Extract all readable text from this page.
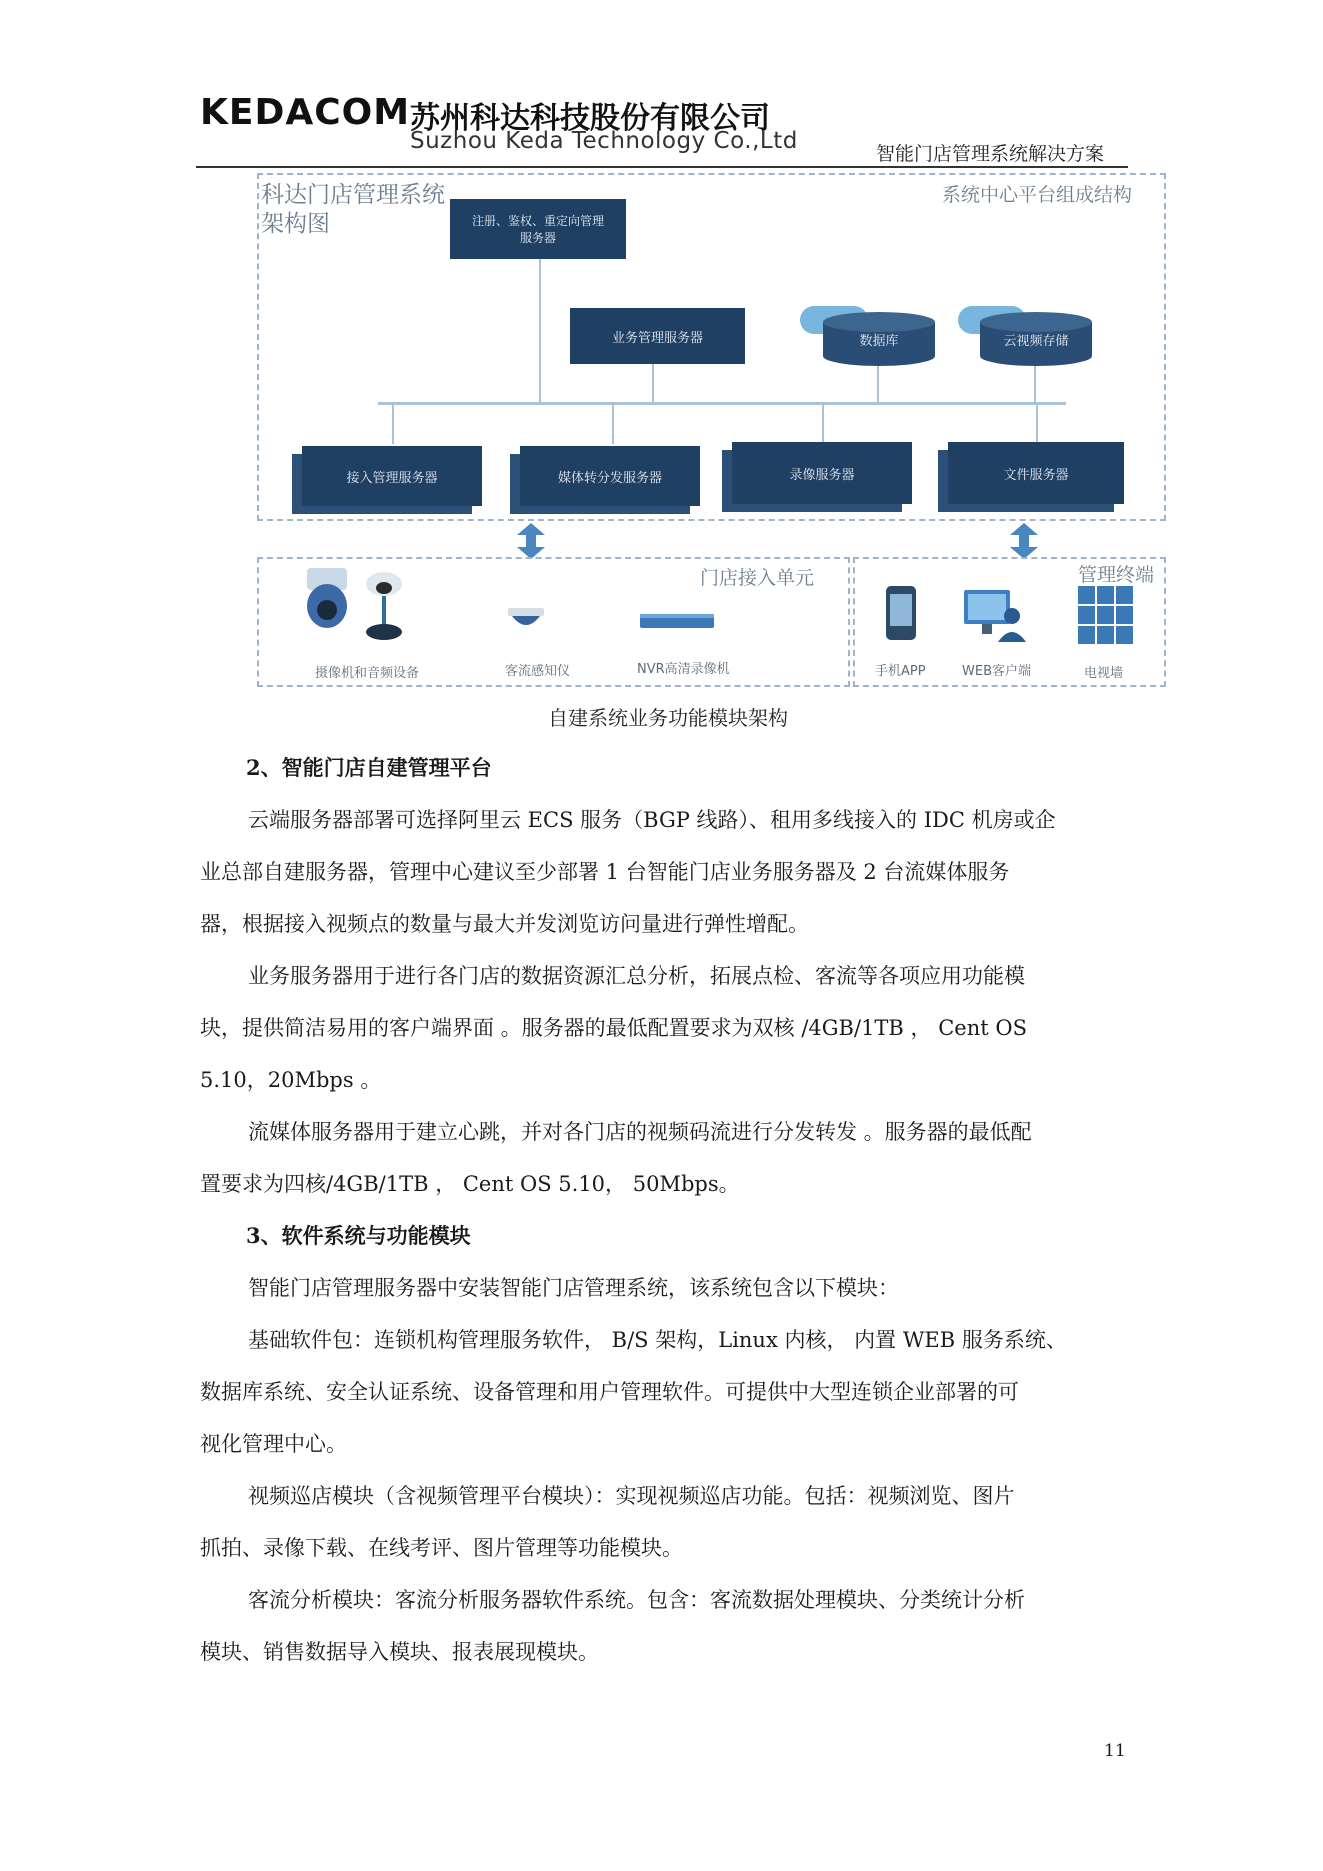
KEDACOM 苏州科达科技股份有限公司
Suzhou Keda Technology Co.,Ltd	智能门店管理系统解决方案
科达门店管理系统
架构图
系统中心平台组成结构
注册、鉴权、重定向管理
服务器
业务管理服务器	数据库	云视频存储
接入管理服务器	媒体转分发服务器	录像服务器	文件服务器
门店接入单元	管理终端
摄像机和音频设备	客流感知仪	NVR高清录像机	手机APP	WEB客户端	电视墙
自建系统业务功能模块架构
2、智能门店自建管理平台
云端服务器部署可选择阿里云 ECS 服务（BGP 线路）、租用多线接入的 IDC 机房或企
业总部自建服务器，管理中心建议至少部署 1 台智能门店业务服务器及 2 台流媒体服务
器，根据接入视频点的数量与最大并发浏览访问量进行弹性增配。
业务服务器用于进行各门店的数据资源汇总分析，拓展点检、客流等各项应用功能模
块，提供简洁易用的客户端界面 。服务器的最低配置要求为双核 /4GB/1TB ， Cent OS
5.10，20Mbps 。
流媒体服务器用于建立心跳，并对各门店的视频码流进行分发转发 。服务器的最低配
置要求为四核/4GB/1TB ， Cent OS 5.10， 50Mbps。
3、软件系统与功能模块
智能门店管理服务器中安装智能门店管理系统，该系统包含以下模块：
基础软件包：连锁机构管理服务软件， B/S 架构，Linux 内核， 内置 WEB 服务系统、
数据库系统、安全认证系统、设备管理和用户管理软件。可提供中大型连锁企业部署的可
视化管理中心。
视频巡店模块（含视频管理平台模块）：实现视频巡店功能。包括：视频浏览、图片
抓拍、录像下载、在线考评、图片管理等功能模块。
客流分析模块：客流分析服务器软件系统。包含：客流数据处理模块、分类统计分析
模块、销售数据导入模块、报表展现模块。
11
